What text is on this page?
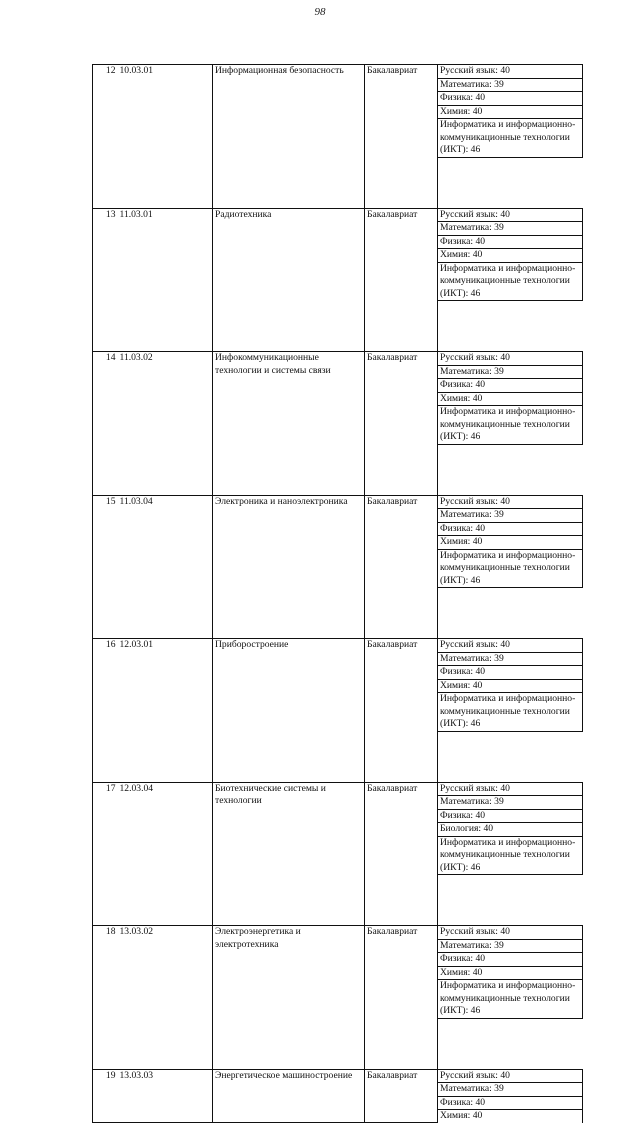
98
12	10.03.01	Информационная безопасность	Бакалавриат	Русский язык: 40
				Математика: 39
				Физика: 40
				Химия: 40
				Информатика и информационно-коммуникационные технологии (ИКТ): 46

13	11.03.01	Радиотехника	Бакалавриат	Русский язык: 40
				Математика: 39
				Физика: 40
				Химия: 40
				Информатика и информационно-коммуникационные технологии (ИКТ): 46

14	11.03.02	Инфокоммуникационные технологии и системы связи	Бакалавриат	Русский язык: 40
				Математика: 39
				Физика: 40
				Химия: 40
				Информатика и информационно-коммуникационные технологии (ИКТ): 46

15	11.03.04	Электроника и наноэлектроника	Бакалавриат	Русский язык: 40
				Математика: 39
				Физика: 40
				Химия: 40
				Информатика и информационно-коммуникационные технологии (ИКТ): 46

16	12.03.01	Приборостроение	Бакалавриат	Русский язык: 40
				Математика: 39
				Физика: 40
				Химия: 40
				Информатика и информационно-коммуникационные технологии (ИКТ): 46

17	12.03.04	Биотехнические системы и технологии	Бакалавриат	Русский язык: 40
				Математика: 39
				Физика: 40
				Биология: 40
				Информатика и информационно-коммуникационные технологии (ИКТ): 46

18	13.03.02	Электроэнергетика и электротехника	Бакалавриат	Русский язык: 40
				Математика: 39
				Физика: 40
				Химия: 40
				Информатика и информационно-коммуникационные технологии (ИКТ): 46

19	13.03.03	Энергетическое машиностроение	Бакалавриат	Русский язык: 40
				Математика: 39
				Физика: 40
				Химия: 40
